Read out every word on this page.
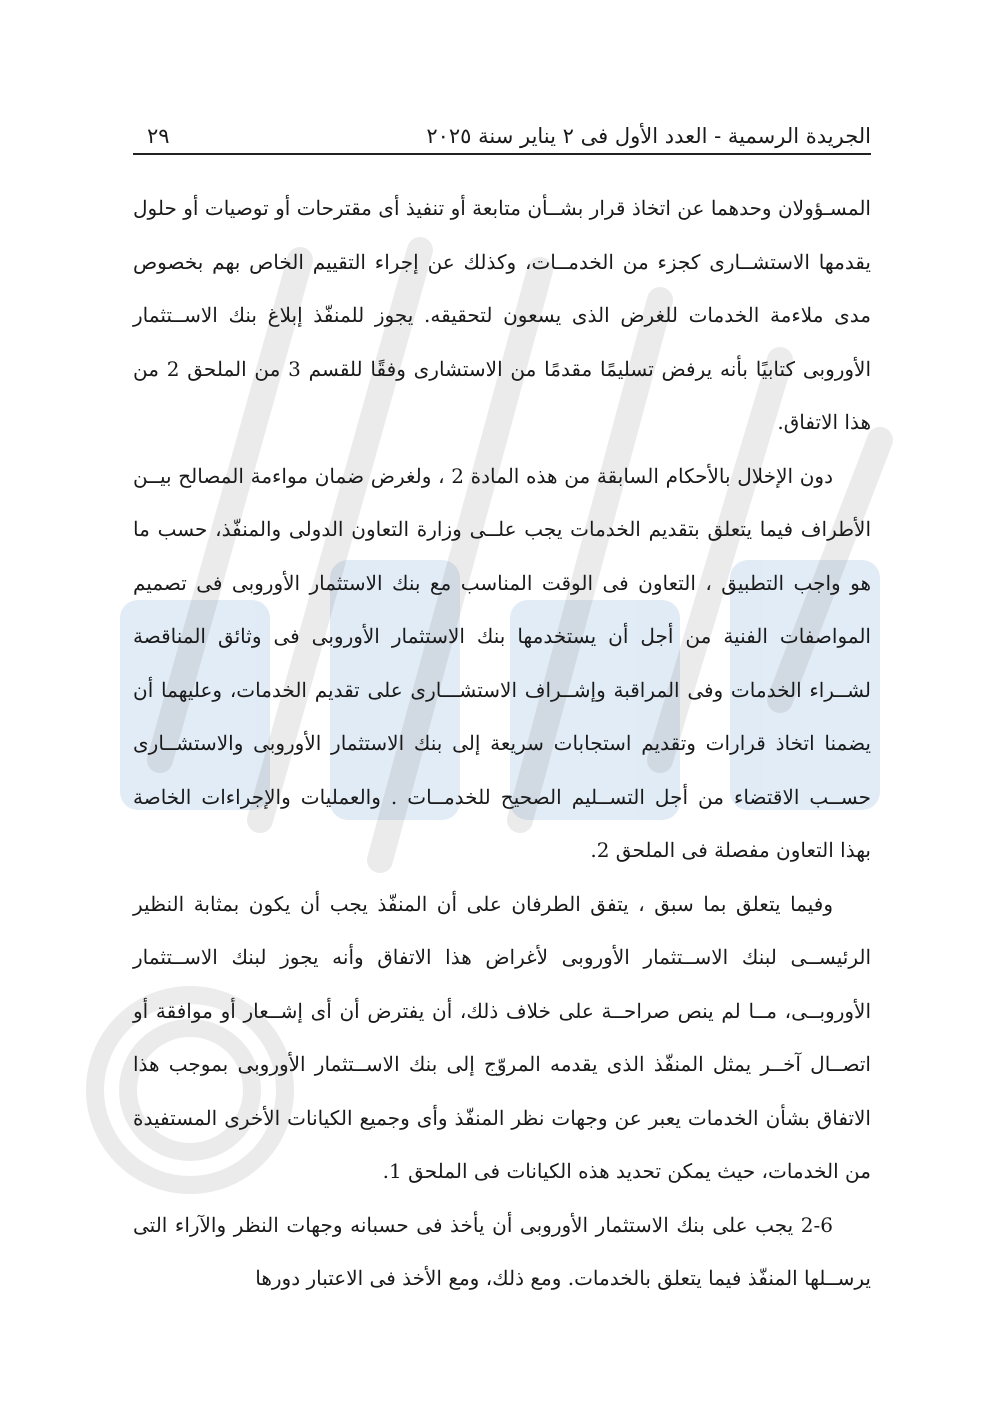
الجريدة الرسمية - العدد الأول فى ٢ يناير سنة ٢٠٢٥
٢٩

المسـؤولان وحدهما عن اتخاذ قرار بشــأن متابعة أو تنفيذ أى مقترحات أو توصيات أو حلول يقدمها الاستشــارى كجزء من الخدمــات، وكذلك عن إجراء التقييم الخاص بهم بخصوص مدى ملاءمة الخدمات للغرض الذى يسعون لتحقيقه. يجوز للمنفّذ إبلاغ بنك الاســتثمار الأوروبى كتابيًا بأنه يرفض تسليمًا مقدمًا من الاستشارى وفقًا للقسم 3 من الملحق 2 من هذا الاتفاق.

دون الإخلال بالأحكام السابقة من هذه المادة 2 ، ولغرض ضمان مواءمة المصالح بيــن الأطراف فيما يتعلق بتقديم الخدمات يجب علــى وزارة التعاون الدولى والمنفّذ، حسب ما هو واجب التطبيق ، التعاون فى الوقت المناسب مع بنك الاستثمار الأوروبى فى تصميم المواصفات الفنية من أجل أن يستخدمها بنك الاستثمار الأوروبى فى وثائق المناقصة لشــراء الخدمات وفى المراقبة وإشــراف الاستشـــارى على تقديم الخدمات، وعليهما أن يضمنا اتخاذ قرارات وتقديم استجابات سريعة إلى بنك الاستثمار الأوروبى والاستشــارى حســب الاقتضاء من أجل التســليم الصحيح للخدمــات . والعمليات والإجراءات الخاصة بهذا التعاون مفصلة فى الملحق 2.

وفيما يتعلق بما سبق ، يتفق الطرفان على أن المنفّذ يجب أن يكون بمثابة النظير الرئيســى لبنك الاســتثمار الأوروبى لأغراض هذا الاتفاق وأنه يجوز لبنك الاســتثمار الأوروبــى، مــا لم ينص صراحــة على خلاف ذلك، أن يفترض أن أى إشــعار أو موافقة أو اتصــال آخــر يمثل المنفّذ الذى يقدمه المروّج إلى بنك الاســتثمار الأوروبى بموجب هذا الاتفاق بشأن الخدمات يعبر عن وجهات نظر المنفّذ وأى وجميع الكيانات الأخرى المستفيدة من الخدمات، حيث يمكن تحديد هذه الكيانات فى الملحق 1.

2-6 يجب على بنك الاستثمار الأوروبى أن يأخذ فى حسبانه وجهات النظر والآراء التى يرســلها المنفّذ فيما يتعلق بالخدمات. ومع ذلك، ومع الأخذ فى الاعتبار دورها
